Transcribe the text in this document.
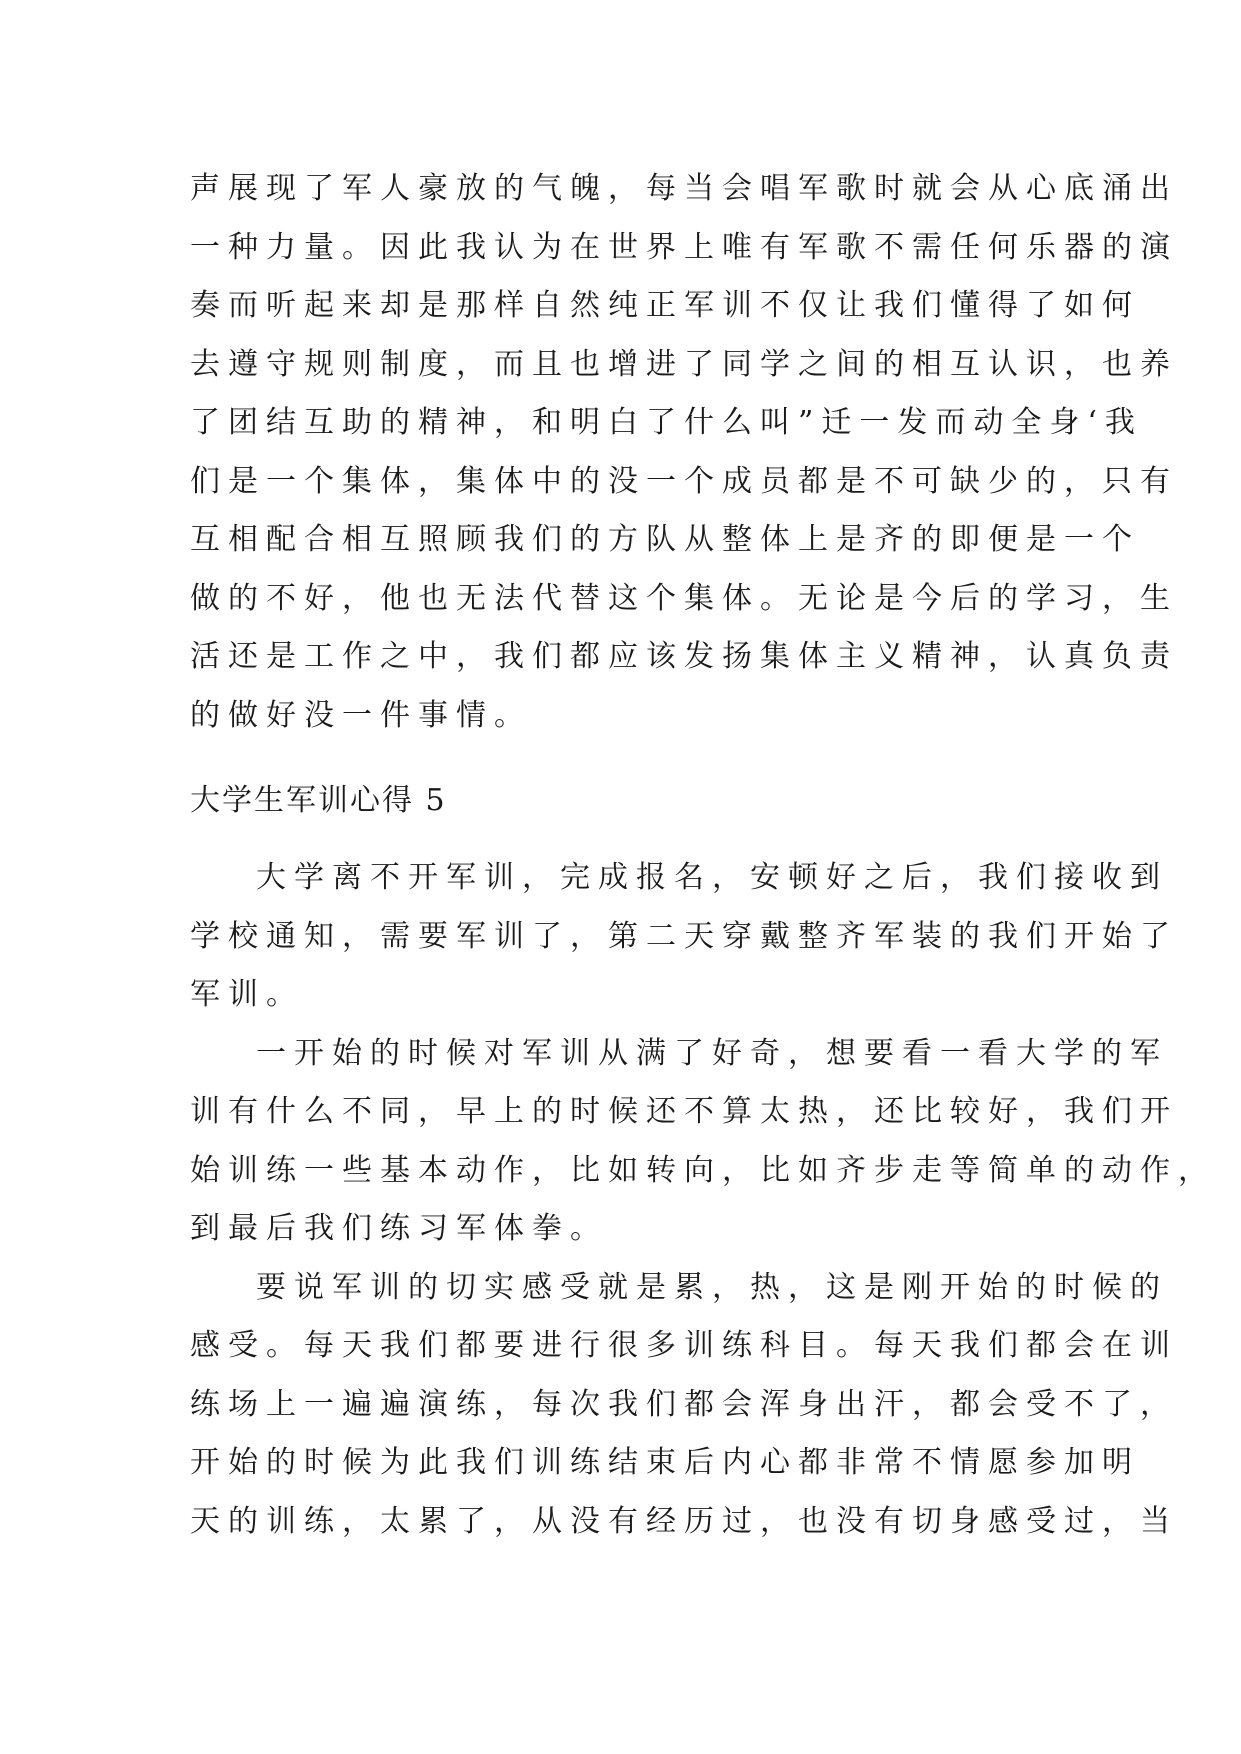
声展现了军人豪放的气魄，每当会唱军歌时就会从心底涌出
一种力量。因此我认为在世界上唯有军歌不需任何乐器的演
奏而听起来却是那样自然纯正军训不仅让我们懂得了如何
去遵守规则制度，而且也增进了同学之间的相互认识，也养
了团结互助的精神，和明白了什么叫”迁一发而动全身‘我
们是一个集体，集体中的没一个成员都是不可缺少的，只有
互相配合相互照顾我们的方队从整体上是齐的即便是一个
做的不好，他也无法代替这个集体。无论是今后的学习，生
活还是工作之中，我们都应该发扬集体主义精神，认真负责
的做好没一件事情。
大学生军训心得 5
大学离不开军训，完成报名，安顿好之后，我们接收到
学校通知，需要军训了，第二天穿戴整齐军装的我们开始了
军训。
一开始的时候对军训从满了好奇，想要看一看大学的军
训有什么不同，早上的时候还不算太热，还比较好，我们开
始训练一些基本动作，比如转向，比如齐步走等简单的动作，
到最后我们练习军体拳。
要说军训的切实感受就是累，热，这是刚开始的时候的
感受。每天我们都要进行很多训练科目。每天我们都会在训
练场上一遍遍演练，每次我们都会浑身出汗，都会受不了，
开始的时候为此我们训练结束后内心都非常不情愿参加明
天的训练，太累了，从没有经历过，也没有切身感受过，当
